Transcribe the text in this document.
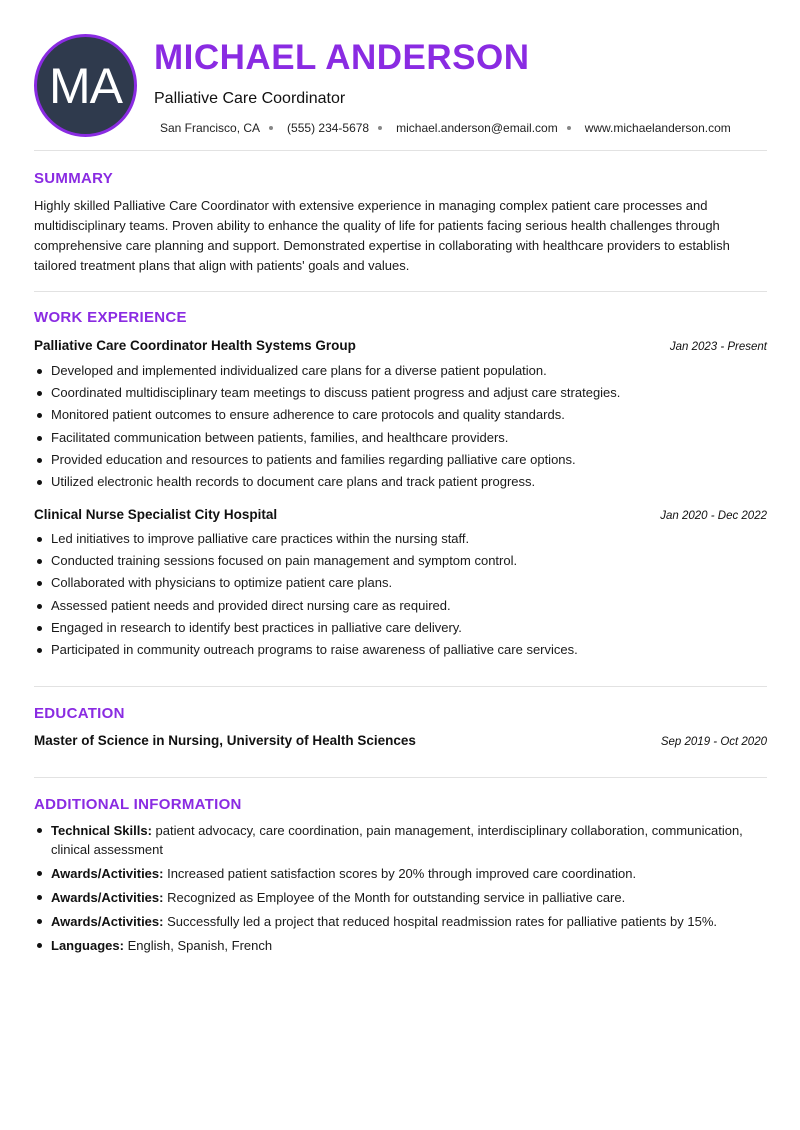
MA MICHAEL ANDERSON
Palliative Care Coordinator
San Francisco, CA (555) 234-5678 michael.anderson@email.com www.michaelanderson.com
SUMMARY

Highly skilled Palliative Care Coordinator with extensive experience in managing complex patient care processes and multidisciplinary teams. Proven ability to enhance the quality of life for patients facing serious health challenges through comprehensive care planning and support. Demonstrated expertise in collaborating with healthcare providers to establish tailored treatment plans that align with patients' goals and values.

WORK EXPERIENCE
Palliative Care Coordinator Health Systems Group	Jan 2023 - Present
Developed and implemented individualized care plans for a diverse patient population.
Coordinated multidisciplinary team meetings to discuss patient progress and adjust care strategies.
Monitored patient outcomes to ensure adherence to care protocols and quality standards.
Facilitated communication between patients, families, and healthcare providers.
Provided education and resources to patients and families regarding palliative care options.
Utilized electronic health records to document care plans and track patient progress.
Clinical Nurse Specialist City Hospital	Jan 2020 - Dec 2022
Led initiatives to improve palliative care practices within the nursing staff.
Conducted training sessions focused on pain management and symptom control.
Collaborated with physicians to optimize patient care plans.
Assessed patient needs and provided direct nursing care as required.
Engaged in research to identify best practices in palliative care delivery.
Participated in community outreach programs to raise awareness of palliative care services.
EDUCATION
Master of Science in Nursing, University of Health Sciences	Sep 2019 - Oct 2020
ADDITIONAL INFORMATION
Technical Skills: patient advocacy, care coordination, pain management, interdisciplinary collaboration, communication, clinical assessment
Awards/Activities: Increased patient satisfaction scores by 20% through improved care coordination.
Awards/Activities: Recognized as Employee of the Month for outstanding service in palliative care.
Awards/Activities: Successfully led a project that reduced hospital readmission rates for palliative patients by 15%.
Languages: English, Spanish, French
